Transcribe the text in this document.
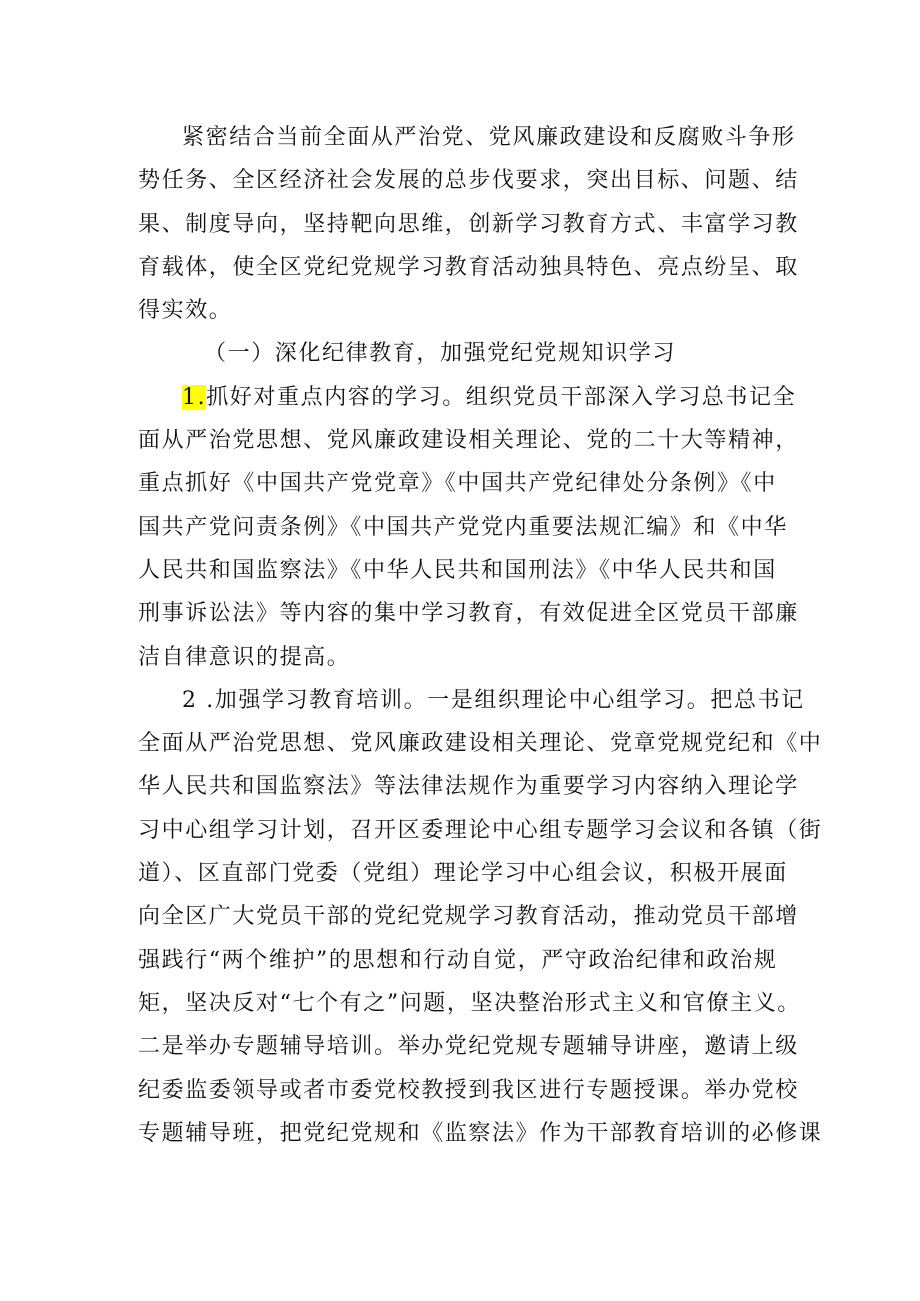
紧密结合当前全面从严治党、党风廉政建设和反腐败斗争形
势任务、全区经济社会发展的总步伐要求，突出目标、问题、结
果、制度导向，坚持靶向思维，创新学习教育方式、丰富学习教
育载体，使全区党纪党规学习教育活动独具特色、亮点纷呈、取
得实效。
（一）深化纪律教育，加强党纪党规知识学习
1.抓好对重点内容的学习。组织党员干部深入学习总书记全
面从严治党思想、党风廉政建设相关理论、党的二十大等精神，
重点抓好《中国共产党党章》《中国共产党纪律处分条例》《中
国共产党问责条例》《中国共产党党内重要法规汇编》和《中华
人民共和国监察法》《中华人民共和国刑法》《中华人民共和国
刑事诉讼法》等内容的集中学习教育，有效促进全区党员干部廉
洁自律意识的提高。
2 .加强学习教育培训。一是组织理论中心组学习。把总书记
全面从严治党思想、党风廉政建设相关理论、党章党规党纪和《中
华人民共和国监察法》等法律法规作为重要学习内容纳入理论学
习中心组学习计划，召开区委理论中心组专题学习会议和各镇（街
道）、区直部门党委（党组）理论学习中心组会议，积极开展面
向全区广大党员干部的党纪党规学习教育活动，推动党员干部增
强践行“两个维护”的思想和行动自觉，严守政治纪律和政治规
矩，坚决反对“七个有之”问题，坚决整治形式主义和官僚主义。
二是举办专题辅导培训。举办党纪党规专题辅导讲座，邀请上级
纪委监委领导或者市委党校教授到我区进行专题授课。举办党校
专题辅导班，把党纪党规和《监察法》作为干部教育培训的必修课
